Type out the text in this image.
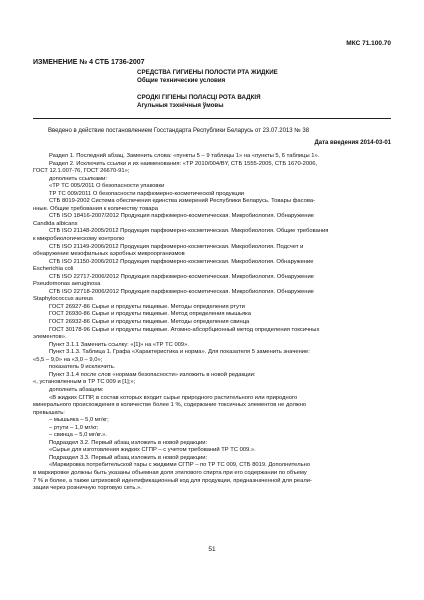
МКС 71.100.70
ИЗМЕНЕНИЕ № 4 СТБ 1736-2007
СРЕДСТВА ГИГИЕНЫ ПОЛОСТИ РТА ЖИДКИЕ
Общие технические условия
СРОДКІ ГІГІЕНЫ ПОЛАСЦІ РОТА ВАДКІЯ
Агульныя тэхнічныя ўмовы
Введено в действие постановлением Госстандарта Республики Беларусь от 23.07.2013 № 38
Дата введения 2014-03-01

Раздел 1. Последний абзац. Заменить слова: «пункты 5 – 9 таблицы 1» на «пункты 5, 6 таблицы 1».

Раздел 2. Исключить ссылки и их наименования: «ТР 2010/004/BY, СТБ 1555-2005, СТБ 1670-2006,

ГОСТ 12.1.007-76, ГОСТ 26670-91»;

дополнить ссылками:

«ТР ТС 005/2011 О безопасности упаковки

ТР ТС 009/2011 О безопасности парфюмерно-косметической продукции

СТБ 8019-2002 Система обеспечения единства измерений Республики Беларусь. Товары фасова-

нные. Общие требования к количеству товара

СТБ ISO 18416-2007/2012 Продукция парфюмерно-косметическая. Микробиология. Обнаружение

Candida albicans

СТБ ISO 21148-2005/2012 Продукция парфюмерно-косметическая. Микробиология. Общие требования

к микробиологическому контролю

СТБ ISO 21149-2006/2012 Продукция парфюмерно-косметическая. Микробиология. Подсчет и

обнаружение мезофильных аэробных микроорганизмов

СТБ ISO 21150-2006/2012 Продукция парфюмерно-косметическая. Микробиология. Обнаружение

Escherichia coli

СТБ ISO 22717-2006/2012 Продукция парфюмерно-косметическая. Микробиология. Обнаружение

Pseudomonas aeruginosa

СТБ ISO 22718-2006/2012 Продукция парфюмерно-косметическая. Микробиология. Обнаружение

Staphylococcus aureus

ГОСТ 26927-86 Сырье и продукты пищевые. Методы определения ртути

ГОСТ 26930-86 Сырье и продукты пищевые. Метод определения мышьяка

ГОСТ 26932-86 Сырье и продукты пищевые. Методы определения свинца

ГОСТ 30178-96 Сырье и продукты пищевые. Атомно-абсорбционный метод определения токсичных

элементов».

Пункт 3.1.1 Заменить ссылку: «[1]» на «ТР ТС 009».

Пункт 3.1.3. Таблица 1. Графа «Характеристика и норма». Для показателя 5 заменить значение:

«5,5 – 9,0» на «3,0 – 9,0»;

показатель 9 исключить.

Пункт 3.1.4 после слов «нормам безопасности» изложить в новой редакции:

«, установленным в ТР ТС 009 и [1];»;

дополнить абзацем:

«В жидких СГПР, в состав которых входит сырье природного растительного или природного

минерального происхождения в количестве более 1 %, содержание токсичных элементов не должно

превышать:

– мышьяка – 5,0 мг/кг;

– ртути – 1,0 мг/кг;

– свинца – 5,0 мг/кг.».

Подраздел 3.2. Первый абзац изложить в новой редакции:

«Сырье для изготовления жидких СГПР – с учетом требований ТР ТС 009.».

Подраздел 3.3. Первый абзац изложить в новой редакции:

«Маркировка потребительской тары с жидкими СГПР – по ТР ТС 009, СТБ 8019. Дополнительно

в маркировке должны быть указаны объемная доля этилового спирта при его содержании по объему

7 % и более, а также штриховой идентификационный код для продукции, предназначенной для реали-

зации через розничную торговую сеть.».

51
